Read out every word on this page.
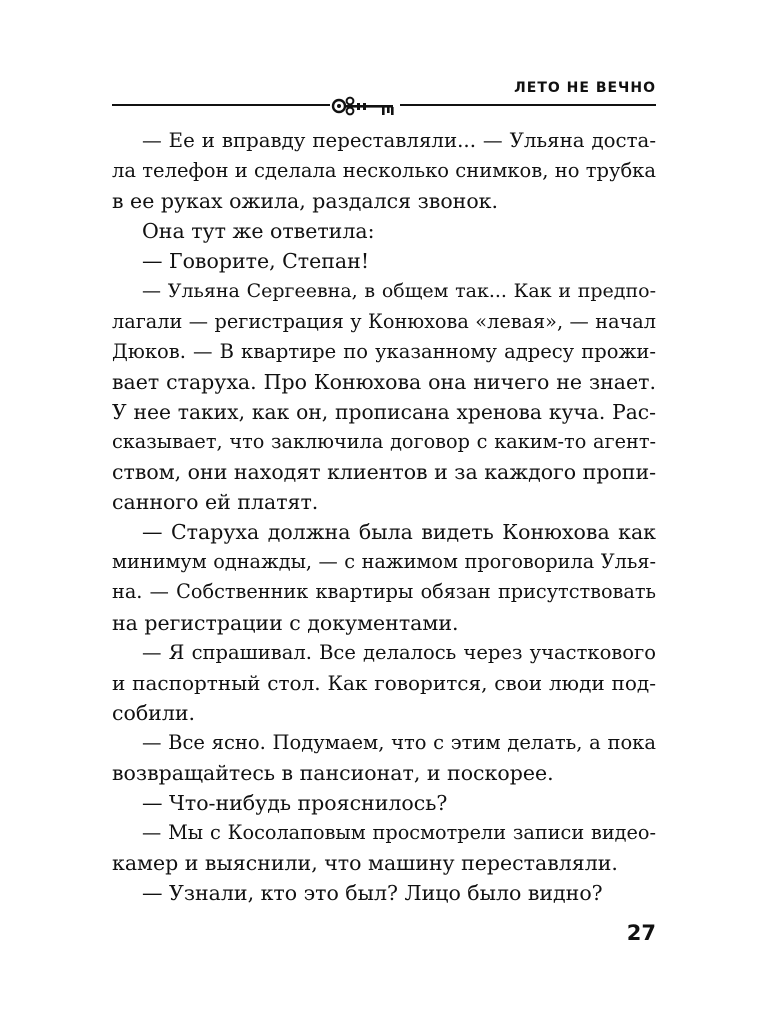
ЛЕТО НЕ ВЕЧНО
— Ее и вправду переставляли... — Ульяна доста-
ла телефон и сделала несколько снимков, но трубка
в ее руках ожила, раздался звонок.
Она тут же ответила:
— Говорите, Степан!
— Ульяна Сергеевна, в общем так... Как и предпо-
лагали — регистрация у Конюхова «левая», — начал
Дюков. — В квартире по указанному адресу прожи-
вает старуха. Про Конюхова она ничего не знает.
У нее таких, как он, прописана хренова куча. Рас-
сказывает, что заключила договор с каким-то агент-
ством, они находят клиентов и за каждого пропи-
санного ей платят.
— Старуха должна была видеть Конюхова как
минимум однажды, — с нажимом проговорила Улья-
на. — Собственник квартиры обязан присутствовать
на регистрации с документами.
— Я спрашивал. Все делалось через участкового
и паспортный стол. Как говорится, свои люди под-
собили.
— Все ясно. Подумаем, что с этим делать, а пока
возвращайтесь в пансионат, и поскорее.
— Что-нибудь прояснилось?
— Мы с Косолаповым просмотрели записи видео-
камер и выяснили, что машину переставляли.
— Узнали, кто это был? Лицо было видно?
27
